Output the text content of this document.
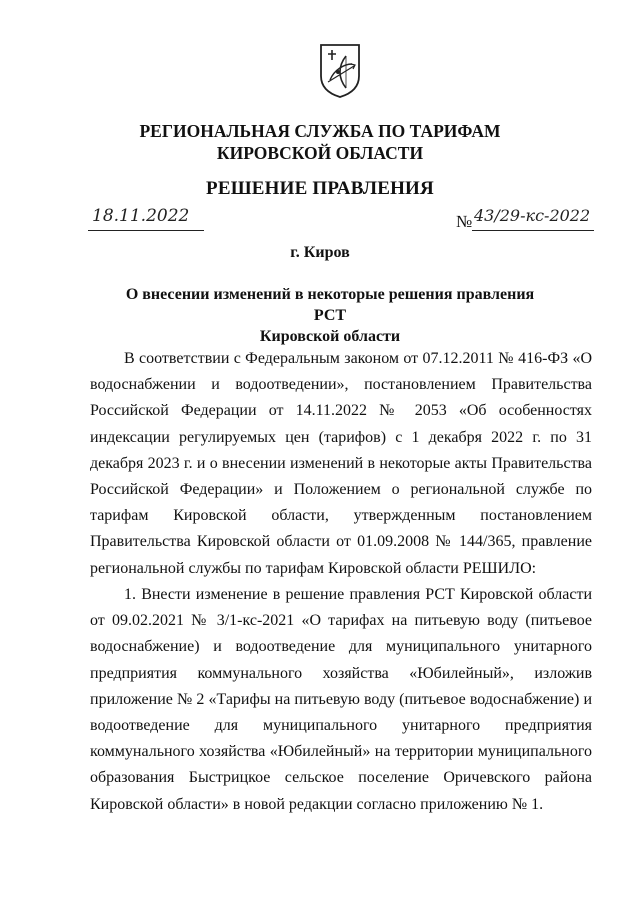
РЕГИОНАЛЬНАЯ СЛУЖБА ПО ТАРИФАМ
КИРОВСКОЙ ОБЛАСТИ
РЕШЕНИЕ ПРАВЛЕНИЯ
18.11.2022	№ 43/29-кс-2022
г. Киров
О внесении изменений в некоторые решения правления РСТ
Кировской области
В соответствии с Федеральным законом от 07.12.2011 № 416-ФЗ «О водоснабжении и водоотведении», постановлением Правительства Российской Федерации от 14.11.2022 № 2053 «Об особенностях индексации регулируемых цен (тарифов) с 1 декабря 2022 г. по 31 декабря 2023 г. и о внесении изменений в некоторые акты Правительства Российской Федерации» и Положением о региональной службе по тарифам Кировской области, утвержденным постановлением Правительства Кировской области от 01.09.2008 № 144/365, правление региональной службы по тарифам Кировской области РЕШИЛО:
1. Внести изменение в решение правления РСТ Кировской области от 09.02.2021 № 3/1-кс-2021 «О тарифах на питьевую воду (питьевое водоснабжение) и водоотведение для муниципального унитарного предприятия коммунального хозяйства «Юбилейный», изложив приложение № 2 «Тарифы на питьевую воду (питьевое водоснабжение) и водоотведение для муниципального унитарного предприятия коммунального хозяйства «Юбилейный» на территории муниципального образования Быстрицкое сельское поселение Оричевского района Кировской области» в новой редакции согласно приложению № 1.
